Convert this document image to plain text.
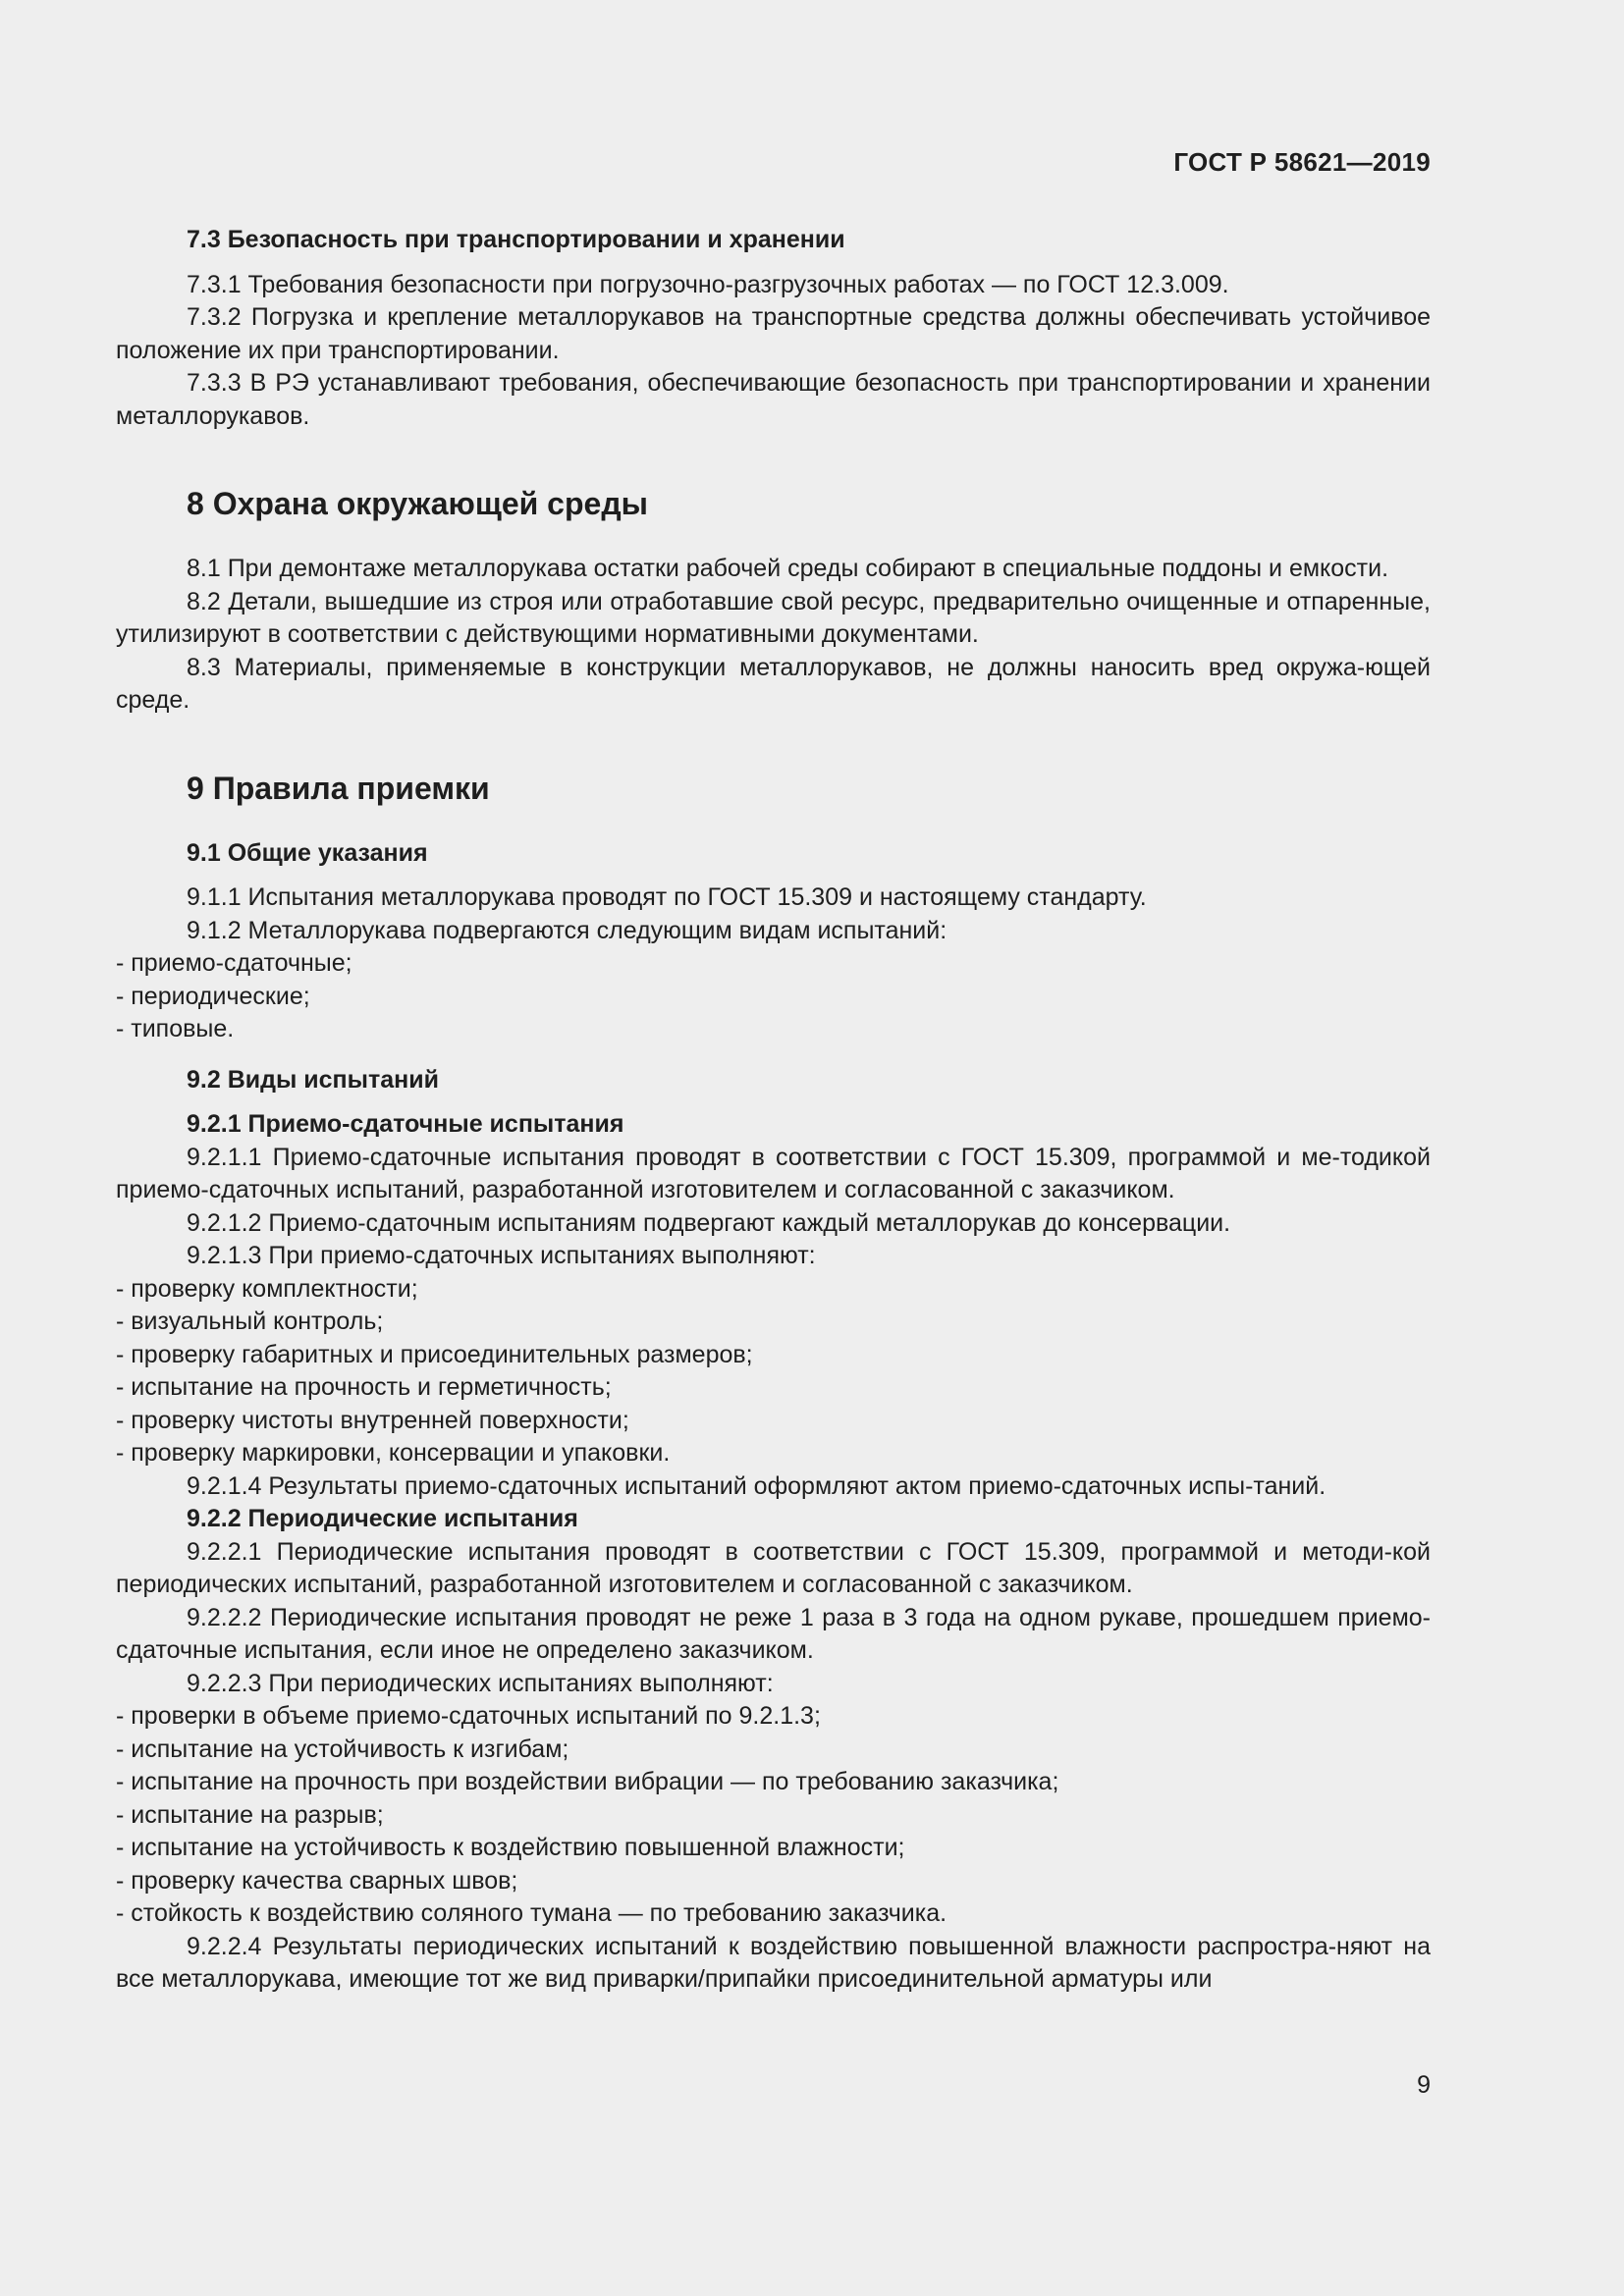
ГОСТ Р 58621—2019

7.3 Безопасность при транспортировании и хранении

7.3.1 Требования безопасности при погрузочно-разгрузочных работах — по ГОСТ 12.3.009.

7.3.2 Погрузка и крепление металлорукавов на транспортные средства должны обеспечивать устойчивое положение их при транспортировании.

7.3.3 В РЭ устанавливают требования, обеспечивающие безопасность при транспортировании и хранении металлорукавов.

8 Охрана окружающей среды

8.1 При демонтаже металлорукава остатки рабочей среды собирают в специальные поддоны и емкости.

8.2 Детали, вышедшие из строя или отработавшие свой ресурс, предварительно очищенные и отпаренные, утилизируют в соответствии с действующими нормативными документами.

8.3 Материалы, применяемые в конструкции металлорукавов, не должны наносить вред окружа-ющей среде.

9 Правила приемки

9.1 Общие указания

9.1.1 Испытания металлорукава проводят по ГОСТ 15.309 и настоящему стандарту.

9.1.2 Металлорукава подвергаются следующим видам испытаний:

- приемо-сдаточные;

- периодические;

- типовые.

9.2 Виды испытаний

9.2.1 Приемо-сдаточные испытания

9.2.1.1 Приемо-сдаточные испытания проводят в соответствии с ГОСТ 15.309, программой и ме-тодикой приемо-сдаточных испытаний, разработанной изготовителем и согласованной с заказчиком.

9.2.1.2 Приемо-сдаточным испытаниям подвергают каждый металлорукав до консервации.

9.2.1.3 При приемо-сдаточных испытаниях выполняют:

- проверку комплектности;

- визуальный контроль;

- проверку габаритных и присоединительных размеров;

- испытание на прочность и герметичность;

- проверку чистоты внутренней поверхности;

- проверку маркировки, консервации и упаковки.

9.2.1.4 Результаты приемо-сдаточных испытаний оформляют актом приемо-сдаточных испы-таний.

9.2.2 Периодические испытания

9.2.2.1 Периодические испытания проводят в соответствии с ГОСТ 15.309, программой и методи-кой периодических испытаний, разработанной изготовителем и согласованной с заказчиком.

9.2.2.2 Периодические испытания проводят не реже 1 раза в 3 года на одном рукаве, прошедшем приемо-сдаточные испытания, если иное не определено заказчиком.

9.2.2.3 При периодических испытаниях выполняют:

- проверки в объеме приемо-сдаточных испытаний по 9.2.1.3;

- испытание на устойчивость к изгибам;

- испытание на прочность при воздействии вибрации — по требованию заказчика;

- испытание на разрыв;

- испытание на устойчивость к воздействию повышенной влажности;

- проверку качества сварных швов;

- стойкость к воздействию соляного тумана — по требованию заказчика.

9.2.2.4 Результаты периодических испытаний к воздействию повышенной влажности распростра-няют на все металлорукава, имеющие тот же вид приварки/припайки присоединительной арматуры или

9
